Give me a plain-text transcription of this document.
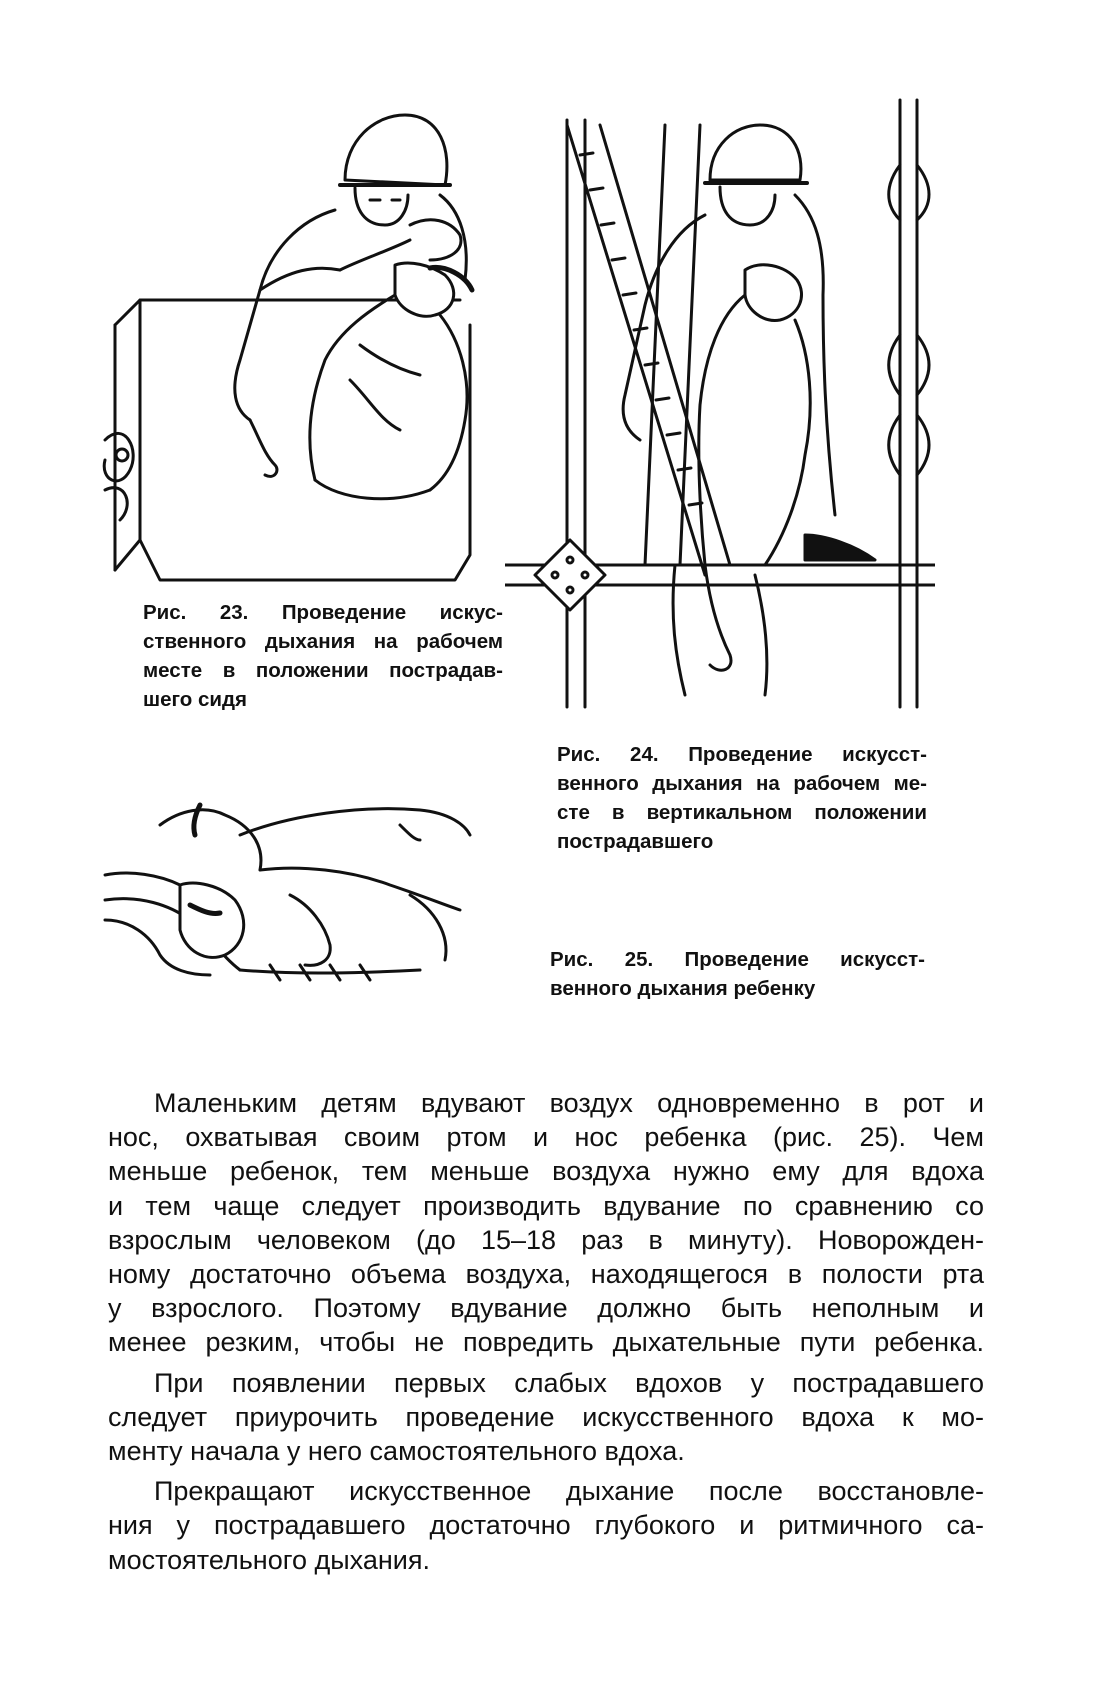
Рис. 23. Проведение искус-
ственного дыхания на рабочем
месте в положении пострадав-
шего сидя
Рис. 24. Проведение искусст-
венного дыхания на рабочем ме-
сте в вертикальном положении
пострадавшего
Рис. 25. Проведение искусст-
венного дыхания ребенку

Маленьким детям вдувают воздух одновременно в рот и
нос, охватывая своим ртом и нос ребенка (рис. 25). Чем
меньше ребенок, тем меньше воздуха нужно ему для вдоха
и тем чаще следует производить вдувание по сравнению со
взрослым человеком (до 15–18 раз в минуту). Новорожден-
ному достаточно объема воздуха, находящегося в полости рта
у взрослого. Поэтому вдувание должно быть неполным и
менее резким, чтобы не повредить дыхательные пути ребенка.

При появлении первых слабых вдохов у пострадавшего
следует приурочить проведение искусственного вдоха к мо-
менту начала у него самостоятельного вдоха.

Прекращают искусственное дыхание после восстановле-
ния у пострадавшего достаточно глубокого и ритмичного са-
мостоятельного дыхания.
